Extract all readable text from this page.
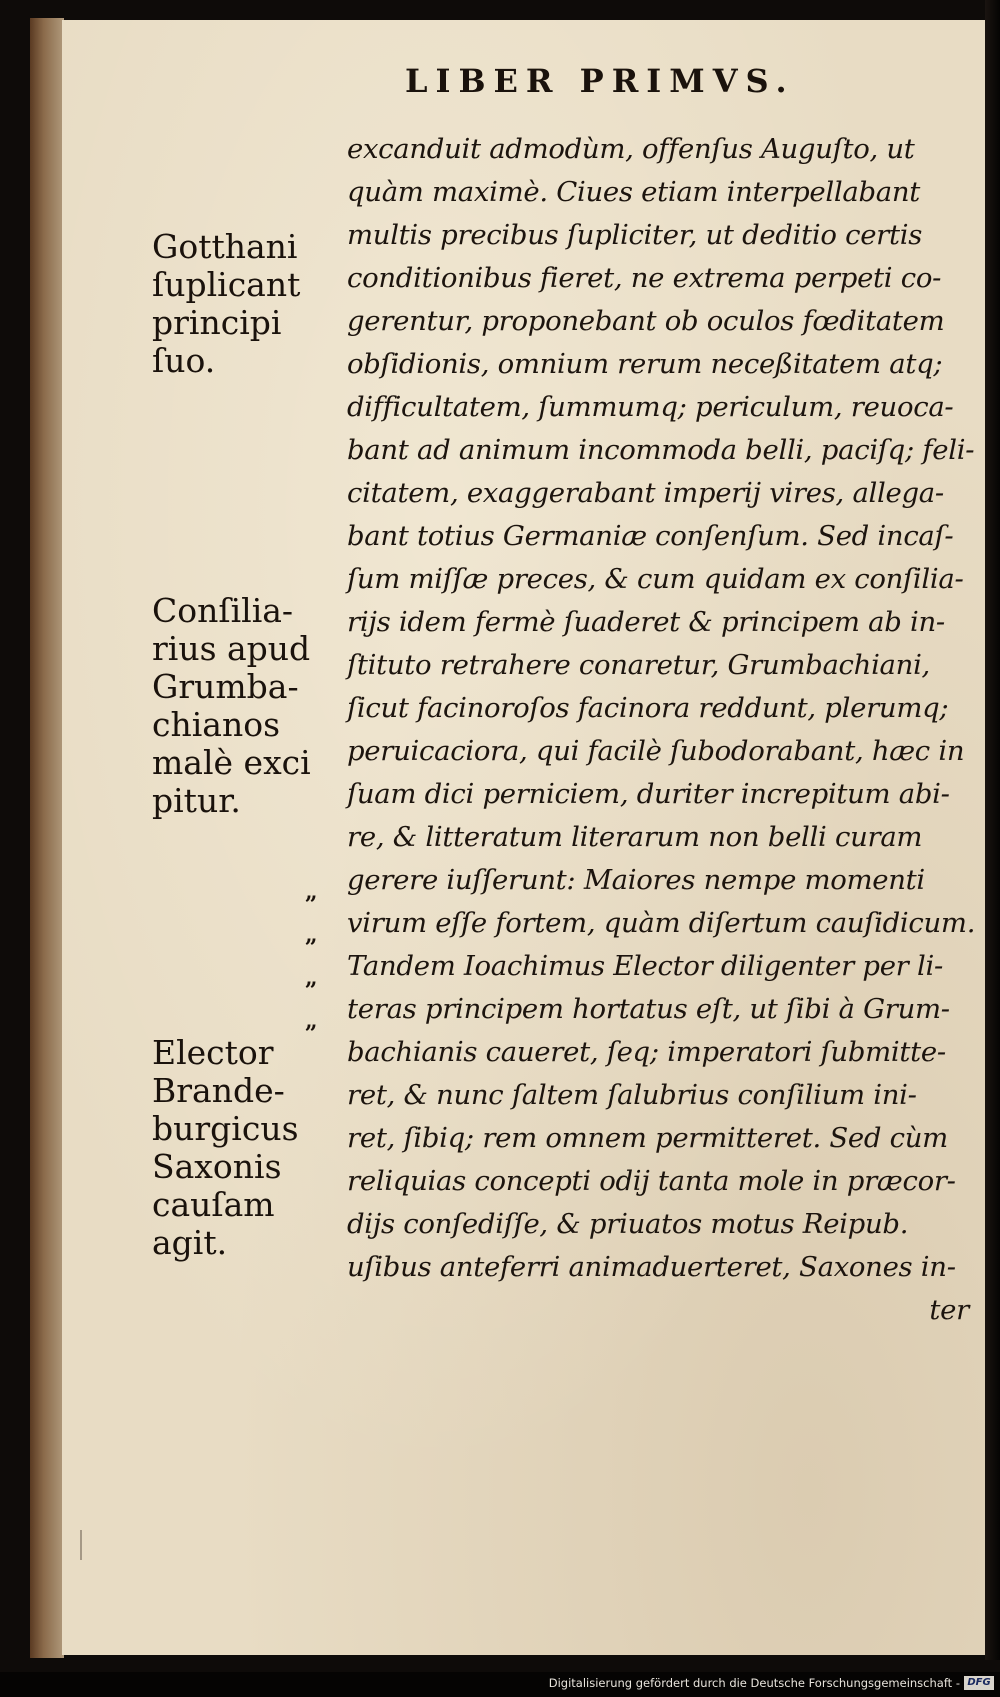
LIBER PRIMVS.
Gotthani
ſuplicant
principi
ſuo.
Conſilia-
rius apud
Grumba-
chianos
malè exci
pitur.
Elector
Brande-
burgicus
Saxonis
cauſam
agit.
„
„
„
„
excanduit admodùm, offenſus Auguſto, ut
quàm maximè. Ciues etiam interpellabant
multis precibus ſupliciter, ut deditio certis
conditionibus fieret, ne extrema perpeti co-
gerentur, proponebant ob oculos fœditatem
obſidionis, omnium rerum neceßitatem atq;
difficultatem, ſummumq; periculum, reuoca-
bant ad animum incommoda belli, paciſq; feli-
citatem, exaggerabant imperij vires, allega-
bant totius Germaniæ conſenſum. Sed incaſ-
ſum miſſæ preces, & cum quidam ex conſilia-
rijs idem fermè ſuaderet & principem ab in-
ſtituto retrahere conaretur, Grumbachiani,
ſicut facinoroſos facinora reddunt, plerumq;
peruicaciora, qui facilè ſubodorabant, hæc in
ſuam dici perniciem, duriter increpitum abi-
re, & litteratum literarum non belli curam
gerere iuſſerunt: Maiores nempe momenti
virum eſſe fortem, quàm diſertum cauſidicum.
Tandem Ioachimus Elector diligenter per li-
teras principem hortatus eſt, ut ſibi à Grum-
bachianis caueret, ſeq; imperatori ſubmitte-
ret, & nunc ſaltem ſalubrius conſilium ini-
ret, ſibiq; rem omnem permitteret. Sed cùm
reliquias concepti odij tanta mole in præcor-
dijs conſediſſe, & priuatos motus Reipub.
uſibus anteferri animaduerteret, Saxones in-
ter
Digitalisierung gefördert durch die Deutsche Forschungsgemeinschaft - DFG
